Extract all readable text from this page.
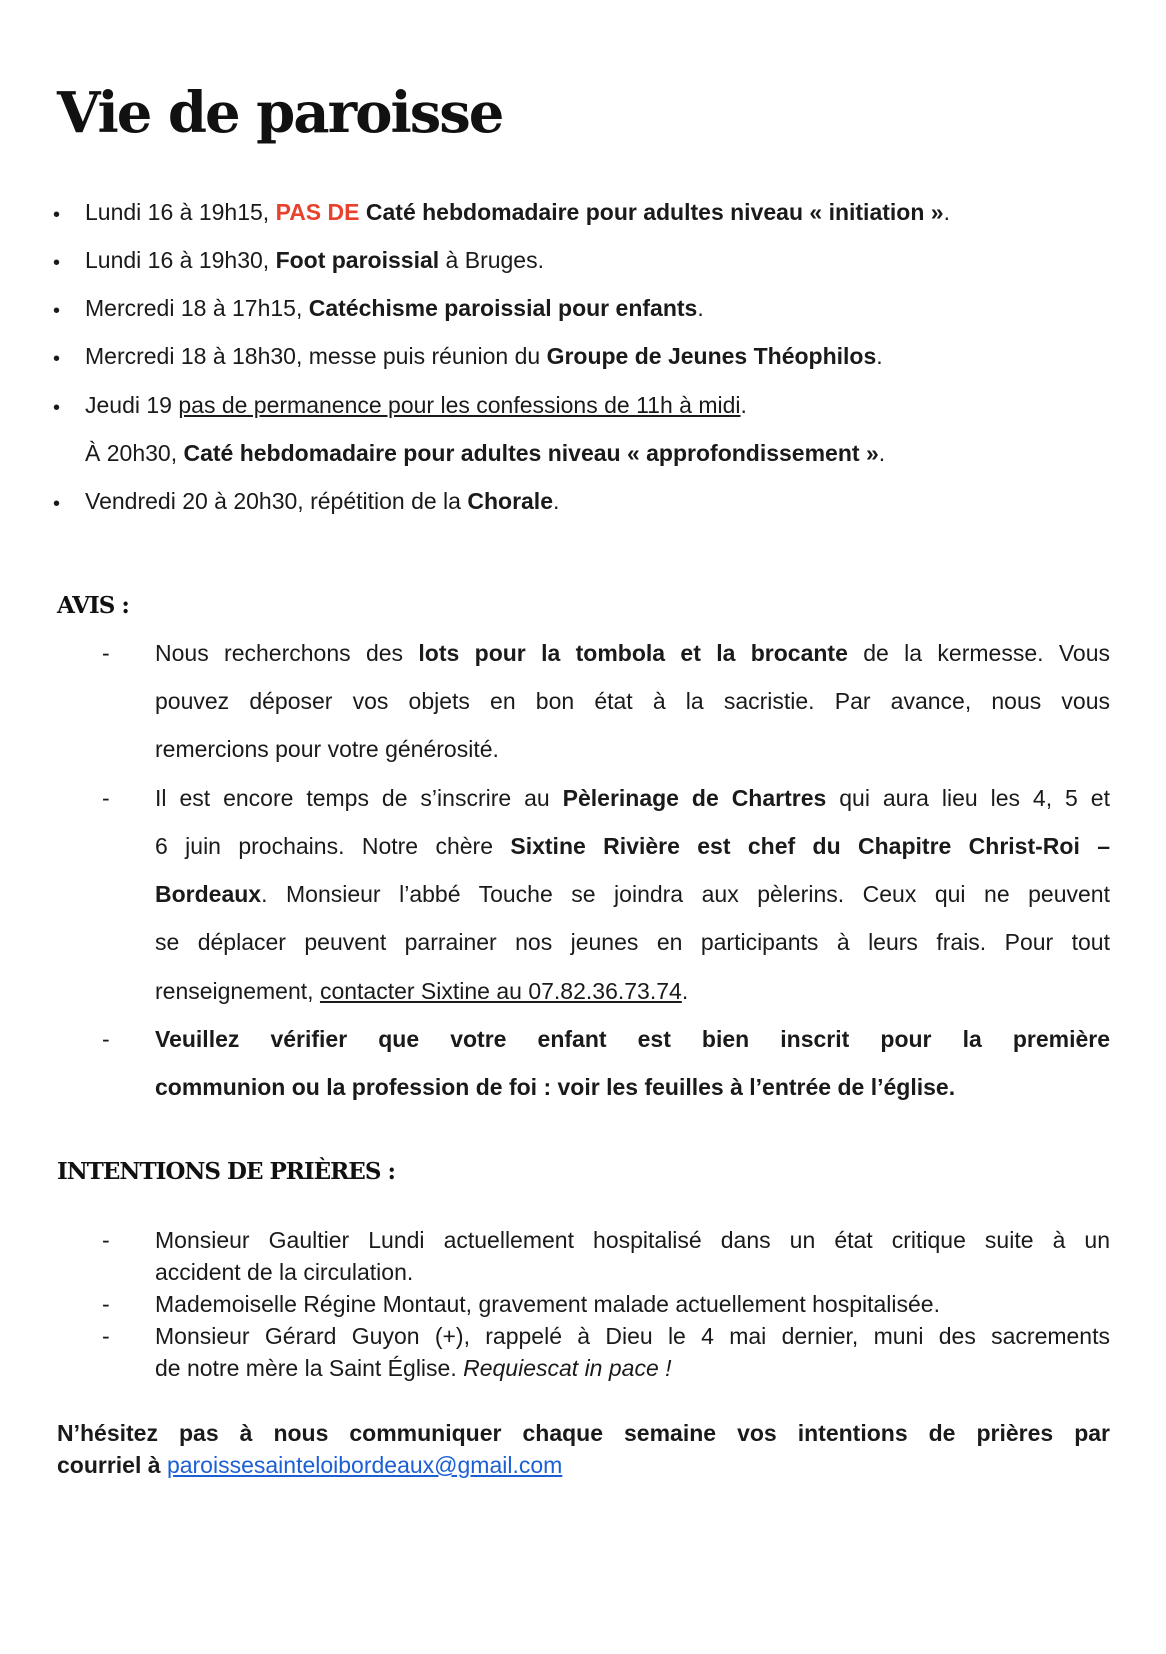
Vie de paroisse
• Lundi 16 à 19h15, PAS DE Caté hebdomadaire pour adultes niveau « initiation ».
• Lundi 16 à 19h30, Foot paroissial à Bruges.
• Mercredi 18 à 17h15, Catéchisme paroissial pour enfants.
• Mercredi 18 à 18h30, messe puis réunion du Groupe de Jeunes Théophilos.
• Jeudi 19 pas de permanence pour les confessions de 11h à midi.
À 20h30, Caté hebdomadaire pour adultes niveau « approfondissement ».
• Vendredi 20 à 20h30, répétition de la Chorale.
AVIS :
- Nous recherchons des lots pour la tombola et la brocante de la kermesse. Vous
pouvez déposer vos objets en bon état à la sacristie. Par avance, nous vous
remercions pour votre générosité.
- Il est encore temps de s’inscrire au Pèlerinage de Chartres qui aura lieu les 4, 5 et
6 juin prochains. Notre chère Sixtine Rivière est chef du Chapitre Christ-Roi –
Bordeaux. Monsieur l’abbé Touche se joindra aux pèlerins. Ceux qui ne peuvent
se déplacer peuvent parrainer nos jeunes en participants à leurs frais. Pour tout
renseignement, contacter Sixtine au 07.82.36.73.74.
- Veuillez vérifier que votre enfant est bien inscrit pour la première
communion ou la profession de foi : voir les feuilles à l’entrée de l’église.
INTENTIONS DE PRIÈRES :
- Monsieur Gaultier Lundi actuellement hospitalisé dans un état critique suite à un
accident de la circulation.
- Mademoiselle Régine Montaut, gravement malade actuellement hospitalisée.
- Monsieur Gérard Guyon (+), rappelé à Dieu le 4 mai dernier, muni des sacrements
de notre mère la Saint Église. Requiescat in pace !
N’hésitez pas à nous communiquer chaque semaine vos intentions de prières par
courriel à paroissesainteloibordeaux@gmail.com
